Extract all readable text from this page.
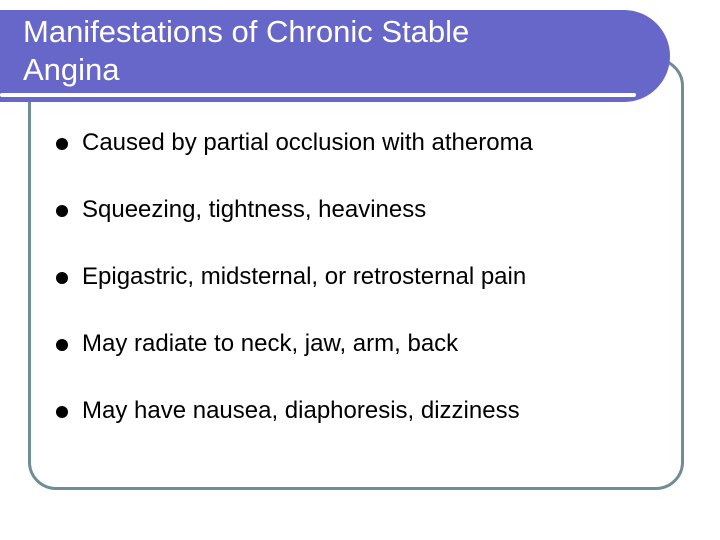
Manifestations of Chronic Stable
Angina
Caused by partial occlusion with atheroma
Squeezing, tightness, heaviness
Epigastric, midsternal, or retrosternal pain
May radiate to neck, jaw, arm, back
May have nausea, diaphoresis, dizziness
